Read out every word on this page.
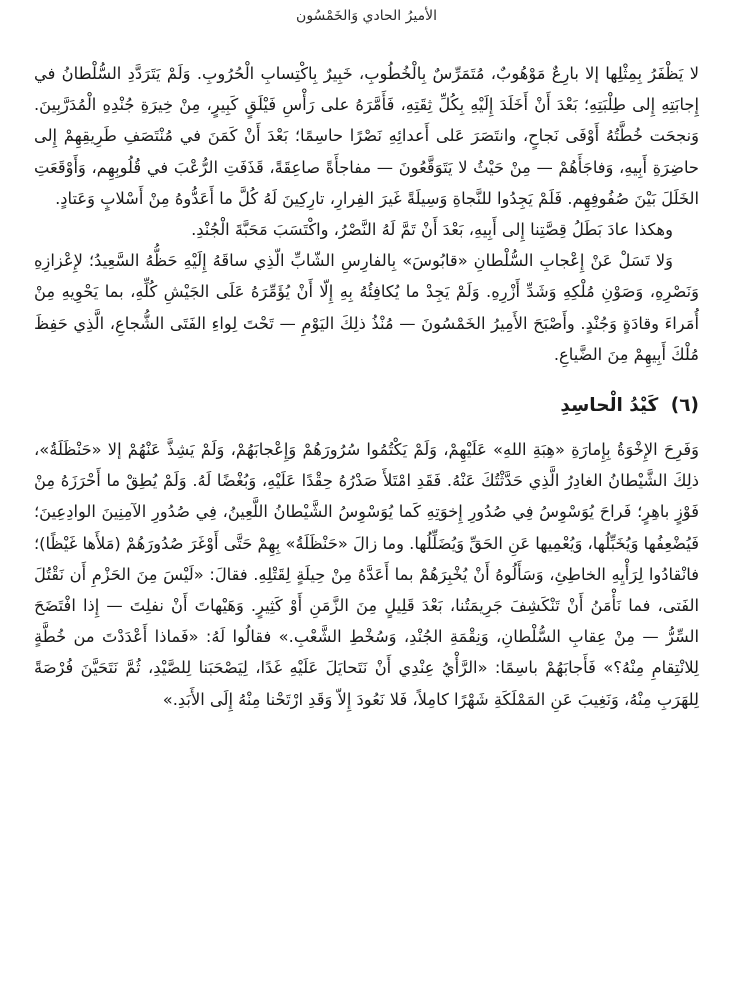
الأميرُ الحادي وَالخَمْسُون

لا يَظْفَرُ بِمِثْلِها إلا بارِعٌ مَوْهُوبٌ، مُتَمَرِّسٌ بِالْخُطُوبِ، خَبِيرٌ بِاكْتِسابِ الْحُرُوبِ. وَلَمْ يَتَرَدَّدِ السُّلْطانُ في إِجابَتِهِ إِلى طِلْبَتِهِ؛ بَعْدَ أَنْ أَخَلَدَ إِلَيْهِ بِكُلِّ ثِقَتِهِ، فَأَمَّرَهُ على رَأْسِ فَيْلَقٍ كَبِيرٍ، مِنْ خِيرَةِ جُنْدِهِ الْمُدَرَّبِينَ. وَنجحَت خُطَّتُهُ أَوْفَى نَجاحٍ، وانتَصَرَ عَلى أَعدائِهِ نَصْرًا حاسِمًا؛ بَعْدَ أَنْ كَمَنَ في مُنْتَصَفِ طَرِيقِهِمْ إِلى حاضِرَةِ أَبِيهِ، وَفاجَأَهُمْ — مِنْ حَيْثُ لا يَتَوَقَّعُونَ — مفاجأَةً صاعِقَةً، قَذَفَتِ الرُّعْبَ في قُلُوبِهِم، وَأَوْقَعَتِ الخَلَلَ بَيْنَ صُفُوفِهِم. فَلَمْ يَجِدُوا للنَّجاةِ وَسِيلَةً غَيرَ الفِرارِ، تارِكِينَ لَهُ كُلَّ ما أَعَدُّوهُ مِنْ أَسْلابٍ وَعَتادٍ.

وهكذا عادَ بَطَلُ قِصَّتِنا إِلى أَبِيهِ، بَعْدَ أَنْ تَمَّ لَهُ النَّصْرُ، واكْتَسَبَ مَحَبَّةَ الْجُنْدِ.

وَلا تَسَلْ عَنْ إِعْجابِ السُّلْطانِ «قابُوسَ» بِالفارِسِ الشّابِّ الّذِي ساقَهُ إِلَيْهِ حَظُّهُ السَّعِيدُ؛ لإِعْزازِهِ وَنَصْرِهِ، وَصَوْنِ مُلْكِهِ وَشَدِّ أَزْرِهِ. وَلَمْ يَجِدْ ما يُكافِئُهُ بِهِ إِلّا أَنْ يُؤَمِّرَهُ عَلَى الجَيْشِ كُلِّهِ، بما يَحْوِيهِ مِنْ أُمَراءَ وقادَةٍ وَجُنْدٍ. وأَصْبَحَ الأَمِيرُ الخَمْسُونَ — مُنْذُ ذلِكَ اليَوْمِ — تَحْتَ لِواءِ الفَتَى الشُّجاعِ، الَّذِي حَفِظَ مُلْكَ أَبِيهِمْ مِنَ الضَّياعِ.

(٦) كَيْدُ الْحاسِدِ

وَفَرِحَ الإِخْوَةُ بِإِمارَةِ «هِبَةِ اللهِ» عَلَيْهِمْ، وَلَمْ يَكْتُمُوا سُرُورَهُمْ وَإِعْجابَهُمْ، وَلَمْ يَشِذَّ عَنْهُمْ إلا «حَنْظَلَةُ»، ذلِكَ الشَّيْطانُ الغادِرُ الَّذِي حَدَّثْتُكَ عَنْهُ. فَقَدِ امْتَلأَ صَدْرُهُ حِقْدًا عَلَيْهِ، وَبُغْضًا لَهُ. وَلَمْ يُطِقْ ما أَحْرَزَهُ مِنْ فَوْزٍ باهِرٍ؛ فَراحَ يُوَسْوِسُ فِي صُدُورِ إِخوَتِهِ كَما يُوَسْوِسُ الشَّيْطانُ اللَّعِينُ، فِي صُدُورِ الآمِنِينَ الوادِعِينَ؛ فَيُضْعِفُها وَيُخَبِّلُها، وَيُعْمِيها عَنِ الحَقِّ وَيُضَلِّلُها. وما زالَ «حَنْظَلَةُ» بِهِمْ حَتَّى أَوْغَرَ صُدُورَهُمْ (مَلأَها غَيْظًا)؛ فانْقادُوا لِرَأْيِهِ الخاطِئِ، وَسَأَلُوهُ أَنْ يُخْبِرَهُمْ بما أَعَدَّهُ مِنْ حِيلَةٍ لِقَتْلِهِ. فقالَ: «لَيْسَ مِنَ الحَزْمِ أَن نَقْتُلَ الفَتى، فما نَأْمَنُ أَنْ تَنْكَشِفَ جَرِيمَتُنا، بَعْدَ قَلِيلٍ مِنَ الزَّمَنِ أَوْ كَثِيرٍ. وَهَيْهاتَ أَنْ نفلِتَ — إِذا افْتَضَحَ السِّرُّ — مِنْ عِقابِ السُّلْطانِ، وَنِقْمَةِ الجُنْدِ، وَسُخْطِ الشَّعْبِ.» فقالُوا لَهُ: «فَماذا أَعْدَدْتَ من خُطَّةٍ لِلانْتِقامِ مِنْهُ؟» فَأَجابَهُمْ باسِمًا: «الرَّأْيُ عِنْدِي أَنْ نَتَحايَلَ عَلَيْهِ غَدًا، لِيَصْحَبَنا لِلصَّيْدِ، ثُمَّ نَتَحَيَّنَ فُرْصَةً لِلهَرَبِ مِنْهُ، وَنَغِيبَ عَنِ المَمْلَكَةِ شَهْرًا كامِلاً، فَلا نَعُودَ إِلاّ وَقَدِ ارْتَحْنا مِنْهُ إِلَى الأَبَدِ.»
